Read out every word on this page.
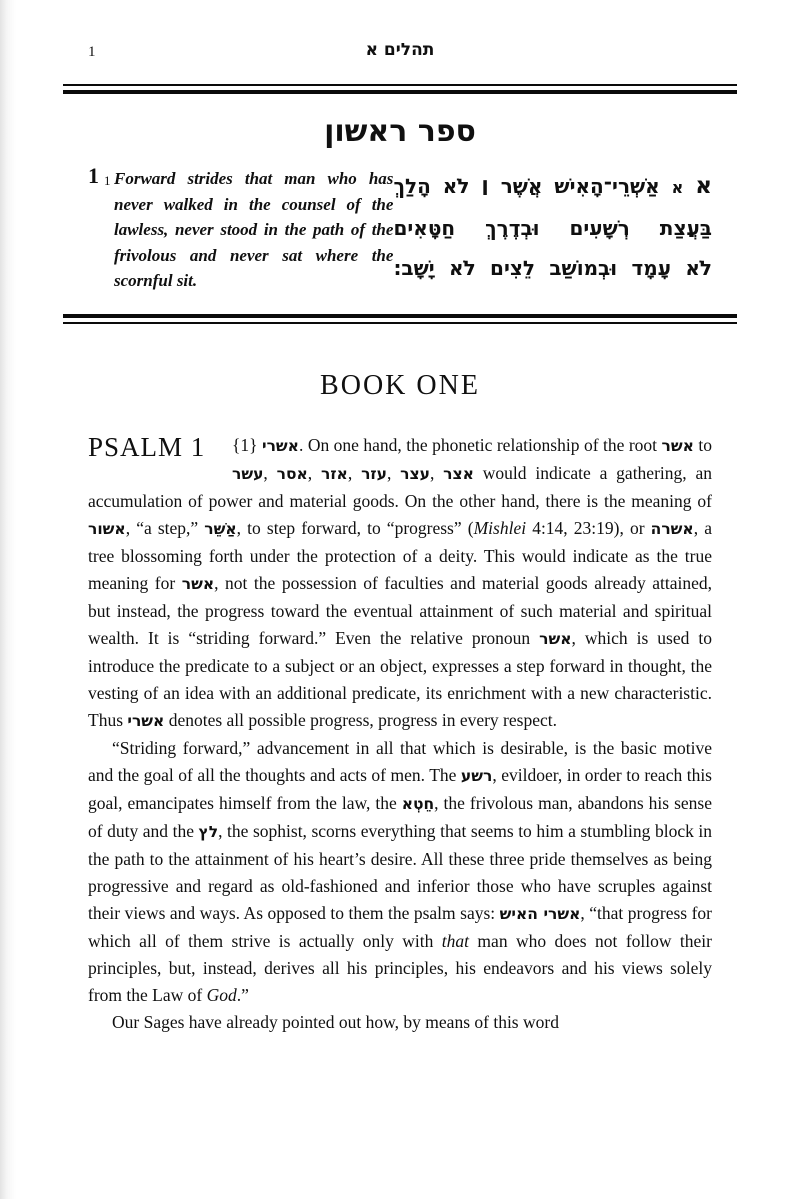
1	תהלים א
ספר ראשון
1 1 Forward strides that man who has never walked in the counsel of the lawless, never stood in the path of the frivolous and never sat where the scornful sit.
א א אַשְׁרֵי־הָאִישׁ אֲשֶׁר ׀ לֹא הָלַךְ
בַּעֲצַת רְשָׁעִים וּבְדֶרֶךְ חַטָּאִים
לֹא עָמָד וּבְמוֹשַׁב לֵצִים לֹא יָשָׁב:
BOOK ONE

PSALM 1	{1} אשרי. On one hand, the phonetic relationship of the root אשר to עשר, אסר, אזר, עזר, עצר, אצר would indicate a gathering, an accumulation of power and material goods. On the other hand, there is the meaning of אשור, “a step,” אַשֵּׁר, to step forward, to “progress” (Mishlei 4:14, 23:19), or אשרה, a tree blossoming forth under the protection of a deity. This would indicate as the true meaning for אשר, not the possession of faculties and material goods already attained, but instead, the progress toward the eventual attainment of such material and spiritual wealth. It is “striding forward.” Even the relative pronoun אשר, which is used to introduce the predicate to a subject or an object, expresses a step forward in thought, the vesting of an idea with an additional predicate, its enrichment with a new characteristic. Thus אשרי denotes all possible progress, progress in every respect.

“Striding forward,” advancement in all that which is desirable, is the basic motive and the goal of all the thoughts and acts of men. The רשע, evildoer, in order to reach this goal, emancipates himself from the law, the חֵטְא, the frivolous man, abandons his sense of duty and the לץ, the sophist, scorns everything that seems to him a stumbling block in the path to the attainment of his heart’s desire. All these three pride themselves as being progressive and regard as old-fashioned and inferior those who have scruples against their views and ways. As opposed to them the psalm says: אשרי האיש, “that progress for which all of them strive is actually only with that man who does not follow their principles, but, instead, derives all his principles, his endeavors and his views solely from the Law of God.”

Our Sages have already pointed out how, by means of this word
